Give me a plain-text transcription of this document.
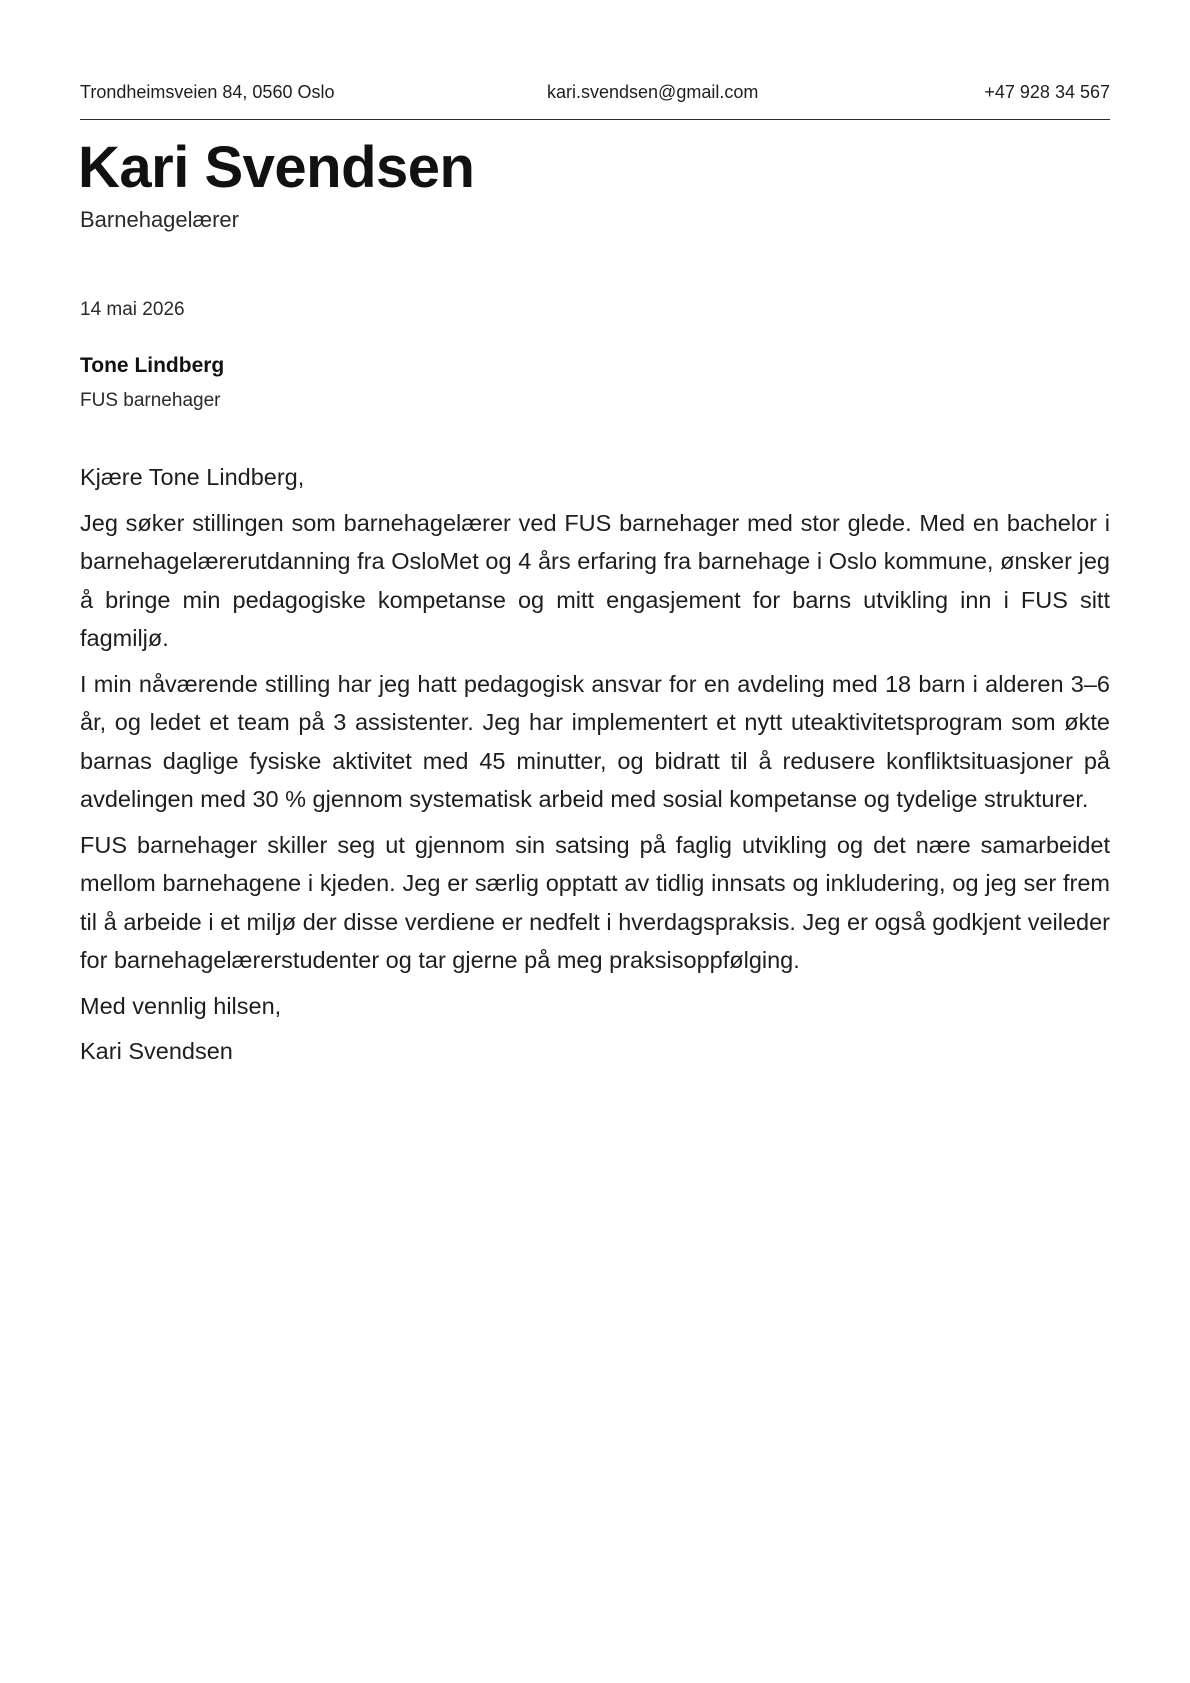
Trondheimsveien 84, 0560 Oslo	kari.svendsen@gmail.com	+47 928 34 567
Kari Svendsen
Barnehagelærer
14 mai 2026
Tone Lindberg
FUS barnehager

Kjære Tone Lindberg,

Jeg søker stillingen som barnehagelærer ved FUS barnehager med stor glede. Med en bachelor i barnehagelærerutdanning fra OsloMet og 4 års erfaring fra barnehage i Oslo kommune, ønsker jeg å bringe min pedagogiske kompetanse og mitt engasjement for barns utvikling inn i FUS sitt fagmiljø.

I min nåværende stilling har jeg hatt pedagogisk ansvar for en avdeling med 18 barn i alderen 3–6 år, og ledet et team på 3 assistenter. Jeg har implementert et nytt uteaktivitetsprogram som økte barnas daglige fysiske aktivitet med 45 minutter, og bidratt til å redusere konfliktsituasjoner på avdelingen med 30 % gjennom systematisk arbeid med sosial kompetanse og tydelige strukturer.

FUS barnehager skiller seg ut gjennom sin satsing på faglig utvikling og det nære samarbeidet mellom barnehagene i kjeden. Jeg er særlig opptatt av tidlig innsats og inkludering, og jeg ser frem til å arbeide i et miljø der disse verdiene er nedfelt i hverdagspraksis. Jeg er også godkjent veileder for barnehagelærerstudenter og tar gjerne på meg praksisoppfølging.

Med vennlig hilsen,

Kari Svendsen
